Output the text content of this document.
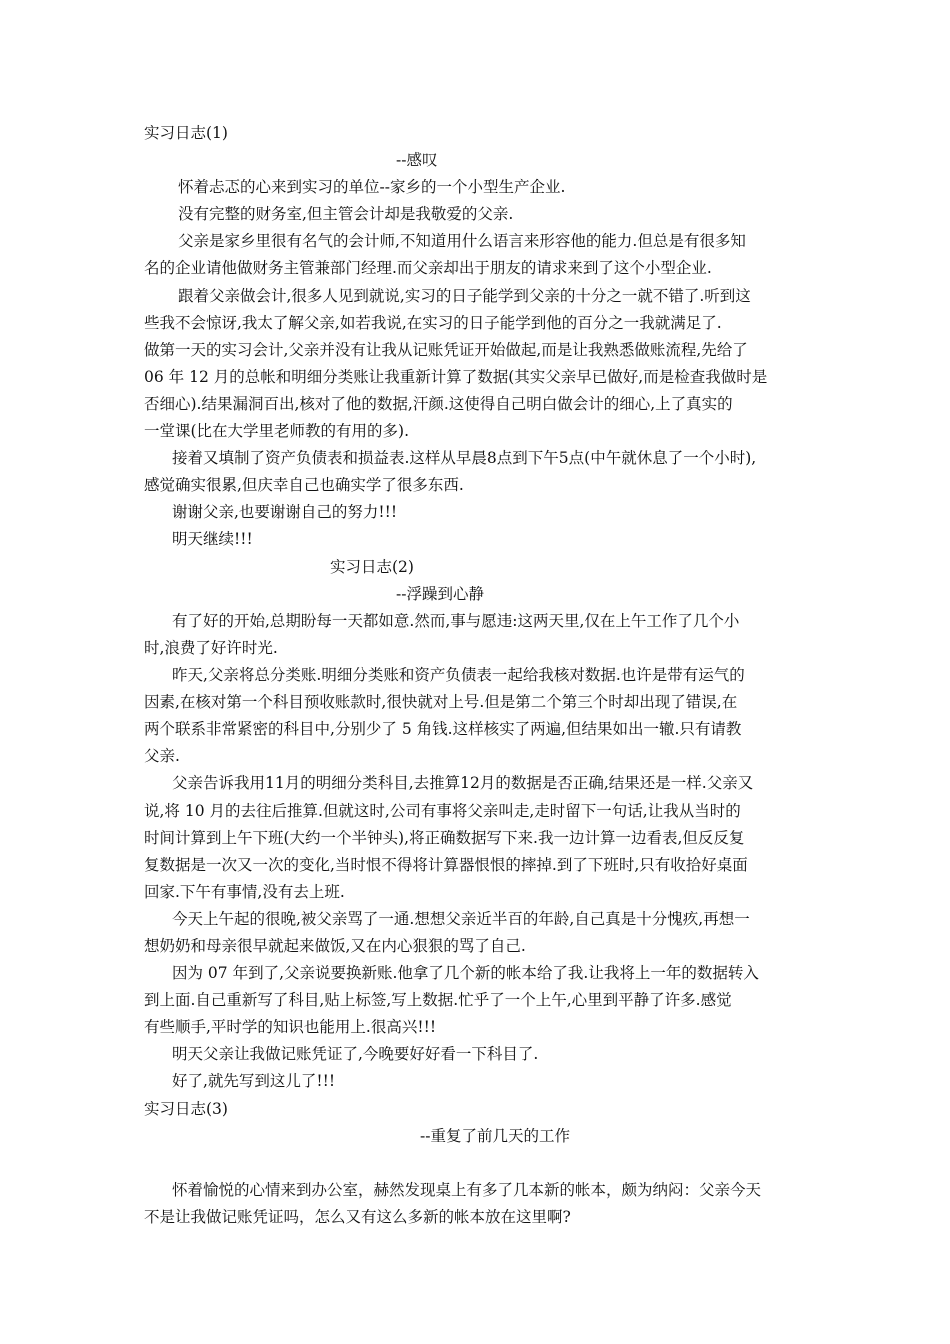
实习日志(1)
--感叹
怀着忐忑的心来到实习的单位--家乡的一个小型生产企业.
没有完整的财务室,但主管会计却是我敬爱的父亲.
父亲是家乡里很有名气的会计师,不知道用什么语言来形容他的能力.但总是有很多知
名的企业请他做财务主管兼部门经理.而父亲却出于朋友的请求来到了这个小型企业.
跟着父亲做会计,很多人见到就说,实习的日子能学到父亲的十分之一就不错了.听到这
些我不会惊讶,我太了解父亲,如若我说,在实习的日子能学到他的百分之一我就满足了.
做第一天的实习会计,父亲并没有让我从记账凭证开始做起,而是让我熟悉做账流程,先给了
06 年 12 月的总帐和明细分类账让我重新计算了数据(其实父亲早已做好,而是检查我做时是
否细心).结果漏洞百出,核对了他的数据,汗颜.这使得自己明白做会计的细心,上了真实的
一堂课(比在大学里老师教的有用的多).
接着又填制了资产负债表和损益表.这样从早晨8点到下午5点(中午就休息了一个小时),
感觉确实很累,但庆幸自己也确实学了很多东西.
谢谢父亲,也要谢谢自己的努力!!!
明天继续!!!
实习日志(2)
--浮躁到心静
有了好的开始,总期盼每一天都如意.然而,事与愿违:这两天里,仅在上午工作了几个小
时,浪费了好许时光.
昨天,父亲将总分类账.明细分类账和资产负债表一起给我核对数据.也许是带有运气的
因素,在核对第一个科目预收账款时,很快就对上号.但是第二个第三个时却出现了错误,在
两个联系非常紧密的科目中,分别少了 5 角钱.这样核实了两遍,但结果如出一辙.只有请教
父亲.
父亲告诉我用11月的明细分类科目,去推算12月的数据是否正确,结果还是一样.父亲又
说,将 10 月的去往后推算.但就这时,公司有事将父亲叫走,走时留下一句话,让我从当时的
时间计算到上午下班(大约一个半钟头),将正确数据写下来.我一边计算一边看表,但反反复
复数据是一次又一次的变化,当时恨不得将计算器恨恨的摔掉.到了下班时,只有收拾好桌面
回家.下午有事情,没有去上班.
今天上午起的很晚,被父亲骂了一通.想想父亲近半百的年龄,自己真是十分愧疚,再想一
想奶奶和母亲很早就起来做饭,又在内心狠狠的骂了自己.
因为 07 年到了,父亲说要换新账.他拿了几个新的帐本给了我.让我将上一年的数据转入
到上面.自己重新写了科目,贴上标签,写上数据.忙乎了一个上午,心里到平静了许多.感觉
有些顺手,平时学的知识也能用上.很高兴!!!
明天父亲让我做记账凭证了,今晚要好好看一下科目了.
好了,就先写到这儿了!!!
实习日志(3)
--重复了前几天的工作
怀着愉悦的心情来到办公室，赫然发现桌上有多了几本新的帐本，颇为纳闷：父亲今天
不是让我做记账凭证吗，怎么又有这么多新的帐本放在这里啊?
